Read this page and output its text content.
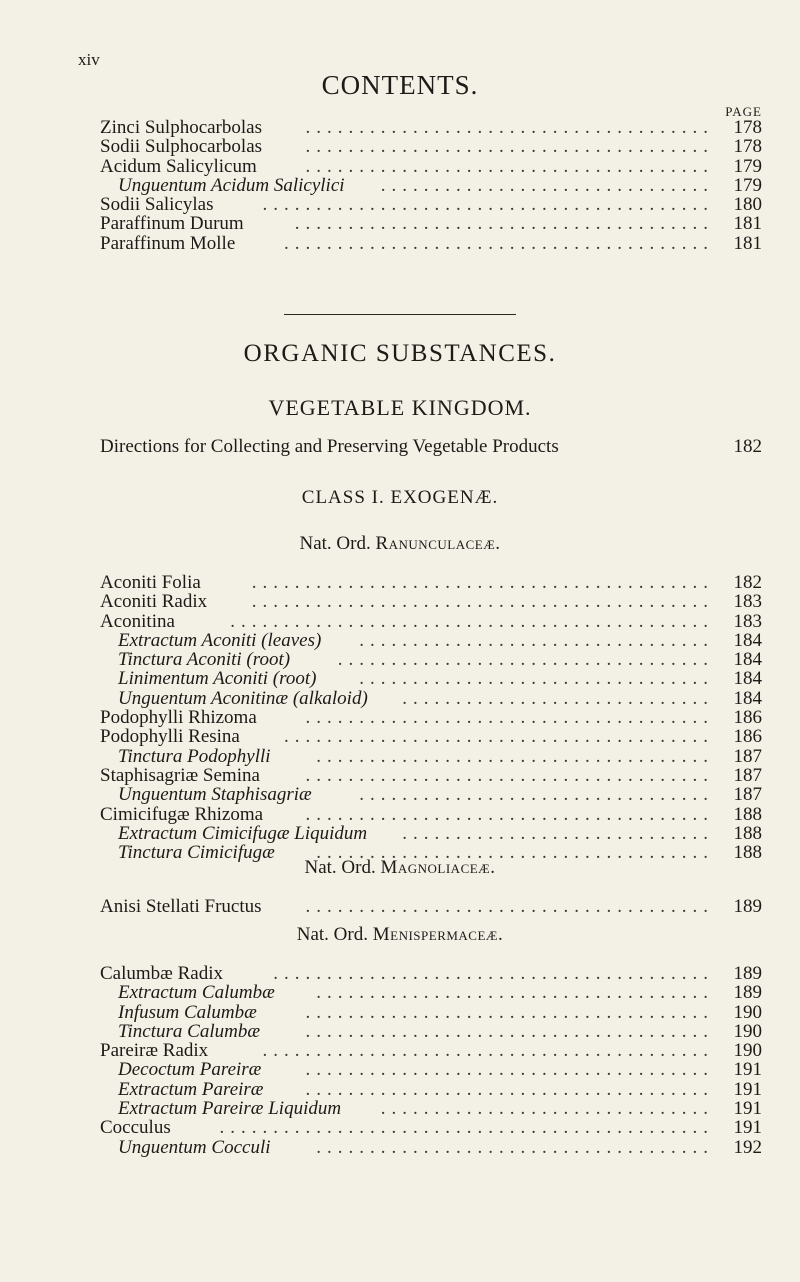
xiv
CONTENTS.
PAGE
Zinci Sulphocarbolas ...................................... 178
Sodii Sulphocarbolas ...................................... 178
Acidum Salicylicum	...................................... 179
Unguentum Acidum Salicylici ............................... 179
Sodii Salicylas	.......................................... 180
Paraffinum Durum	....................................... 181
Paraffinum Molle	........................................ 181
ORGANIC SUBSTANCES.
VEGETABLE KINGDOM.
Directions for Collecting and Preserving Vegetable Products	182
CLASS I. EXOGENÆ.
Nat. Ord. Ranunculaceæ.
Aconiti Folia	........................................... 182
Aconiti Radix ........................................... 183
Aconitina	............................................. 183
Extractum Aconiti (leaves) ................................. 184
Tinctura Aconiti (root)	................................... 184
Linimentum Aconiti (root) ................................. 184
Unguentum Aconitinæ (alkaloid) ............................. 184
Podophylli Rhizoma	...................................... 186
Podophylli Resina ........................................ 186
Tinctura Podophylli ..................................... 187
Staphisagriæ Semina ...................................... 187
Unguentum Staphisagriæ	................................. 187
Cimicifugæ Rhizoma ...................................... 188
Extractum Cimicifugæ Liquidum ............................. 188
Tinctura Cimicifugæ ..................................... 188
Nat. Ord. Magnoliaceæ.
Anisi Stellati Fructus ...................................... 189
Nat. Ord. Menispermaceæ.
Calumbæ Radix	......................................... 189
Extractum Calumbæ ..................................... 189
Infusum Calumbæ	...................................... 190
Tinctura Calumbæ ...................................... 190
Pareiræ Radix	.......................................... 190
Decoctum Pareiræ ...................................... 191
Extractum Pareiræ ...................................... 191
Extractum Pareiræ Liquidum ............................... 191
Cocculus	.............................................. 191
Unguentum Cocculi ..................................... 192
